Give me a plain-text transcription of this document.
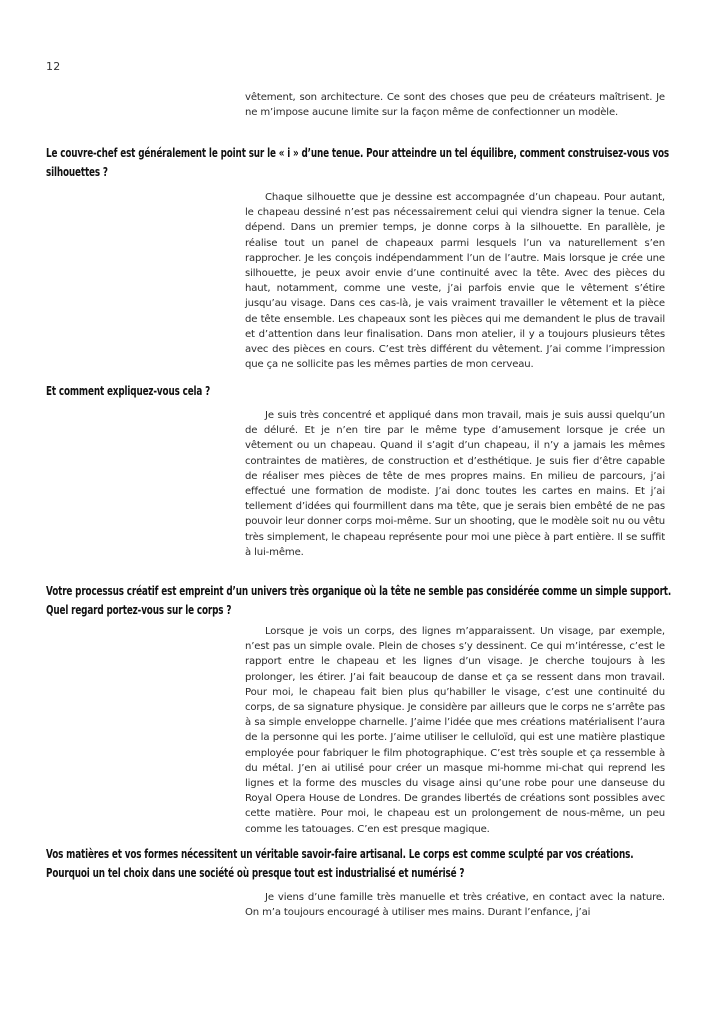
12

vêtement, son architecture. Ce sont des choses que peu de créateurs maîtrisent. Je ne m’impose aucune limite sur la façon même de confectionner un modèle.

Le couvre-chef est généralement le point sur le « i » d’une tenue. Pour atteindre un tel équilibre, comment construisez-vous vos silhouettes ?

Chaque silhouette que je dessine est accompagnée d’un chapeau. Pour autant, le chapeau dessiné n’est pas nécessairement celui qui viendra signer la tenue. Cela dépend. Dans un premier temps, je donne corps à la silhouette. En parallèle, je réalise tout un panel de chapeaux parmi lesquels l’un va naturellement s’en rapprocher. Je les conçois indépendamment l’un de l’autre. Mais lorsque je crée une silhouette, je peux avoir envie d’une continuité avec la tête. Avec des pièces du haut, notamment, comme une veste, j’ai parfois envie que le vêtement s’étire jusqu’au visage. Dans ces cas-là, je vais vraiment travailler le vêtement et la pièce de tête ensemble. Les chapeaux sont les pièces qui me demandent le plus de travail et d’attention dans leur finalisation. Dans mon atelier, il y a toujours plusieurs têtes avec des pièces en cours. C’est très différent du vêtement. J’ai comme l’impression que ça ne sollicite pas les mêmes parties de mon cerveau.

Et comment expliquez-vous cela ?

Je suis très concentré et appliqué dans mon travail, mais je suis aussi quelqu’un de déluré. Et je n’en tire par le même type d’amusement lorsque je crée un vêtement ou un chapeau. Quand il s’agit d’un chapeau, il n’y a jamais les mêmes contraintes de matières, de construction et d’esthétique. Je suis fier d’être capable de réaliser mes pièces de tête de mes propres mains. En milieu de parcours, j’ai effectué une formation de modiste. J’ai donc toutes les cartes en mains. Et j’ai tellement d’idées qui fourmillent dans ma tête, que je serais bien embêté de ne pas pouvoir leur donner corps moi-même. Sur un shooting, que le modèle soit nu ou vêtu très simplement, le chapeau représente pour moi une pièce à part entière. Il se suffit à lui-même.

Votre processus créatif est empreint d’un univers très organique où la tête ne semble pas considérée comme un simple support. Quel regard portez-vous sur le corps ?

Lorsque je vois un corps, des lignes m’apparaissent. Un visage, par exemple, n’est pas un simple ovale. Plein de choses s’y dessinent. Ce qui m’intéresse, c’est le rapport entre le chapeau et les lignes d’un visage. Je cherche toujours à les prolonger, les étirer. J’ai fait beaucoup de danse et ça se ressent dans mon travail. Pour moi, le chapeau fait bien plus qu’habiller le visage, c’est une continuité du corps, de sa signature physique. Je considère par ailleurs que le corps ne s’arrête pas à sa simple enveloppe charnelle. J’aime l’idée que mes créations matérialisent l’aura de la personne qui les porte. J’aime utiliser le celluloïd, qui est une matière plastique employée pour fabriquer le film photographique. C’est très souple et ça ressemble à du métal. J’en ai utilisé pour créer un masque mi-homme mi-chat qui reprend les lignes et la forme des muscles du visage ainsi qu’une robe pour une danseuse du Royal Opera House de Londres. De grandes libertés de créations sont possibles avec cette matière. Pour moi, le chapeau est un prolongement de nous-même, un peu comme les tatouages. C’en est presque magique.

Vos matières et vos formes nécessitent un véritable savoir-faire artisanal. Le corps est comme sculpté par vos créations. Pourquoi un tel choix dans une société où presque tout est industrialisé et numérisé ?

Je viens d’une famille très manuelle et très créative, en contact avec la nature. On m’a toujours encouragé à utiliser mes mains. Durant l’enfance, j’ai
